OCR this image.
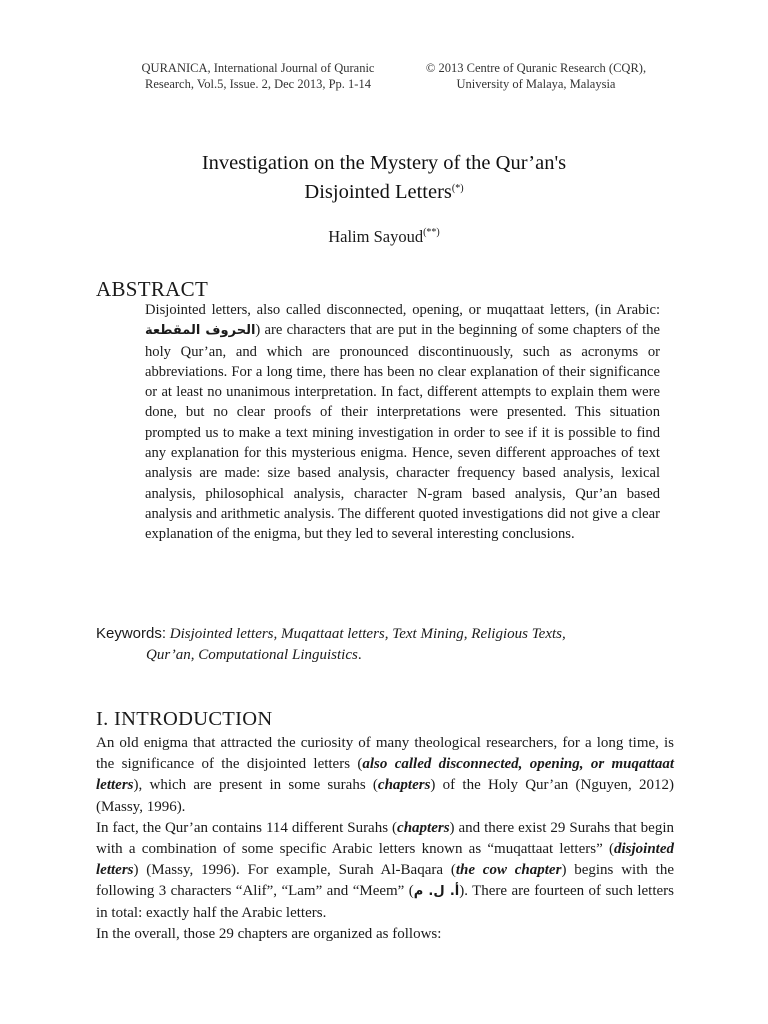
QURANICA, International Journal of Quranic
Research, Vol.5, Issue. 2, Dec 2013, Pp. 1-14
© 2013 Centre of Quranic Research (CQR),
University of Malaya, Malaysia
Investigation on the Mystery of the Qur’an's
Disjointed Letters(*)
Halim Sayoud(**)
ABSTRACT

Disjointed letters, also called disconnected, opening, or muqattaat letters, (in Arabic: الحروف المقطعة) are characters that are put in the beginning of some chapters of the holy Qur’an, and which are pronounced discontinuously, such as acronyms or abbreviations. For a long time, there has been no clear explanation of their significance or at least no unanimous interpretation. In fact, different attempts to explain them were done, but no clear proofs of their interpretations were presented. This situation prompted us to make a text mining investigation in order to see if it is possible to find any explanation for this mysterious enigma. Hence, seven different approaches of text analysis are made: size based analysis, character frequency based analysis, lexical analysis, philosophical analysis, character N-gram based analysis, Qur’an based analysis and arithmetic analysis. The different quoted investigations did not give a clear explanation of the enigma, but they led to several interesting conclusions.

Keywords: Disjointed letters, Muqattaat letters, Text Mining, Religious Texts,
Qur’an, Computational Linguistics.
I. INTRODUCTION

An old enigma that attracted the curiosity of many theological researchers, for a long time, is the significance of the disjointed letters (also called disconnected, opening, or muqattaat letters), which are present in some surahs (chapters) of the Holy Qur’an (Nguyen, 2012) (Massy, 1996).

In fact, the Qur’an contains 114 different Surahs (chapters) and there exist 29 Surahs that begin with a combination of some specific Arabic letters known as “muqattaat letters” (disjointed letters) (Massy, 1996). For example, Surah Al-Baqara (the cow chapter) begins with the following 3 characters “Alif”, “Lam” and “Meem” (أ. ل. م). There are fourteen of such letters in total: exactly half the Arabic letters.

In the overall, those 29 chapters are organized as follows:
